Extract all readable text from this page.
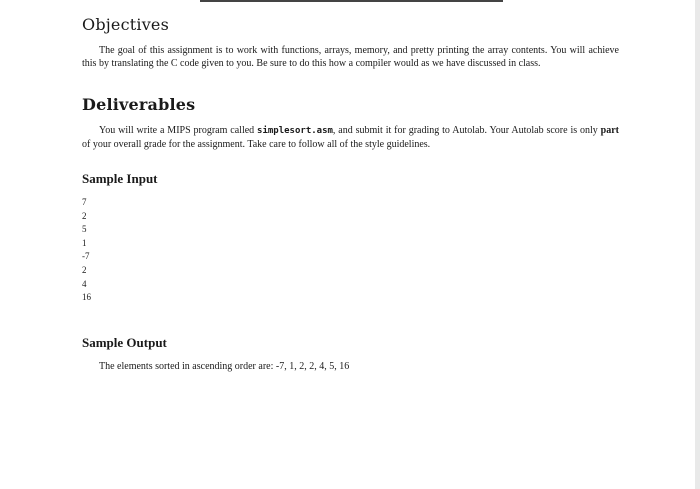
Objectives

The goal of this assignment is to work with functions, arrays, memory, and pretty printing the array contents. You will achieve this by translating the C code given to you. Be sure to do this how a compiler would as we have discussed in class.

Deliverables

You will write a MIPS program called simplesort.asm, and submit it for grading to Autolab. Your Autolab score is only part of your overall grade for the assignment. Take care to follow all of the style guidelines.

Sample Input
7
2
5
1
-7
2
4
16
Sample Output
The elements sorted in ascending order are: -7, 1, 2, 2, 4, 5, 16
